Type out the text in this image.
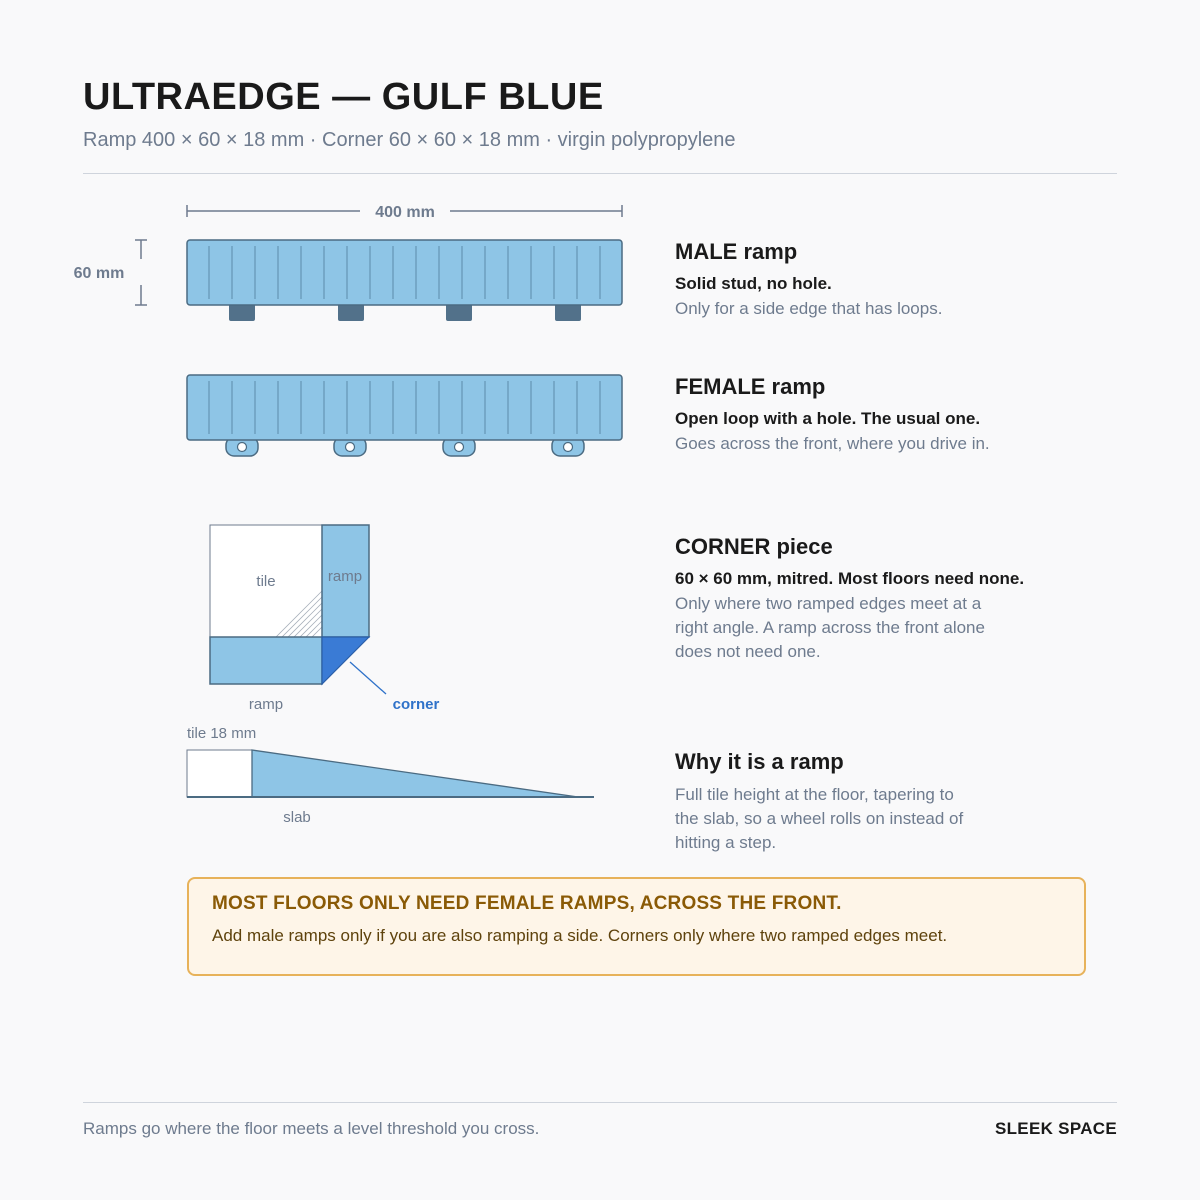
ULTRAEDGE — GULF BLUE
Ramp 400 × 60 × 18 mm · Corner 60 × 60 × 18 mm · virgin polypropylene
400 mm
60 mm
tile	ramp
ramp	corner
tile 18 mm
slab
MALE ramp
Solid stud, no hole.
Only for a side edge that has loops.
FEMALE ramp
Open loop with a hole. The usual one.
Goes across the front, where you drive in.
CORNER piece
60 × 60 mm, mitred. Most floors need none.
Only where two ramped edges meet at a right angle. A ramp across the front alone does not need one.
Why it is a ramp
Full tile height at the floor, tapering to the slab, so a wheel rolls on instead of hitting a step.
MOST FLOORS ONLY NEED FEMALE RAMPS, ACROSS THE FRONT.
Add male ramps only if you are also ramping a side. Corners only where two ramped edges meet.
Ramps go where the floor meets a level threshold you cross.	SLEEK SPACE
